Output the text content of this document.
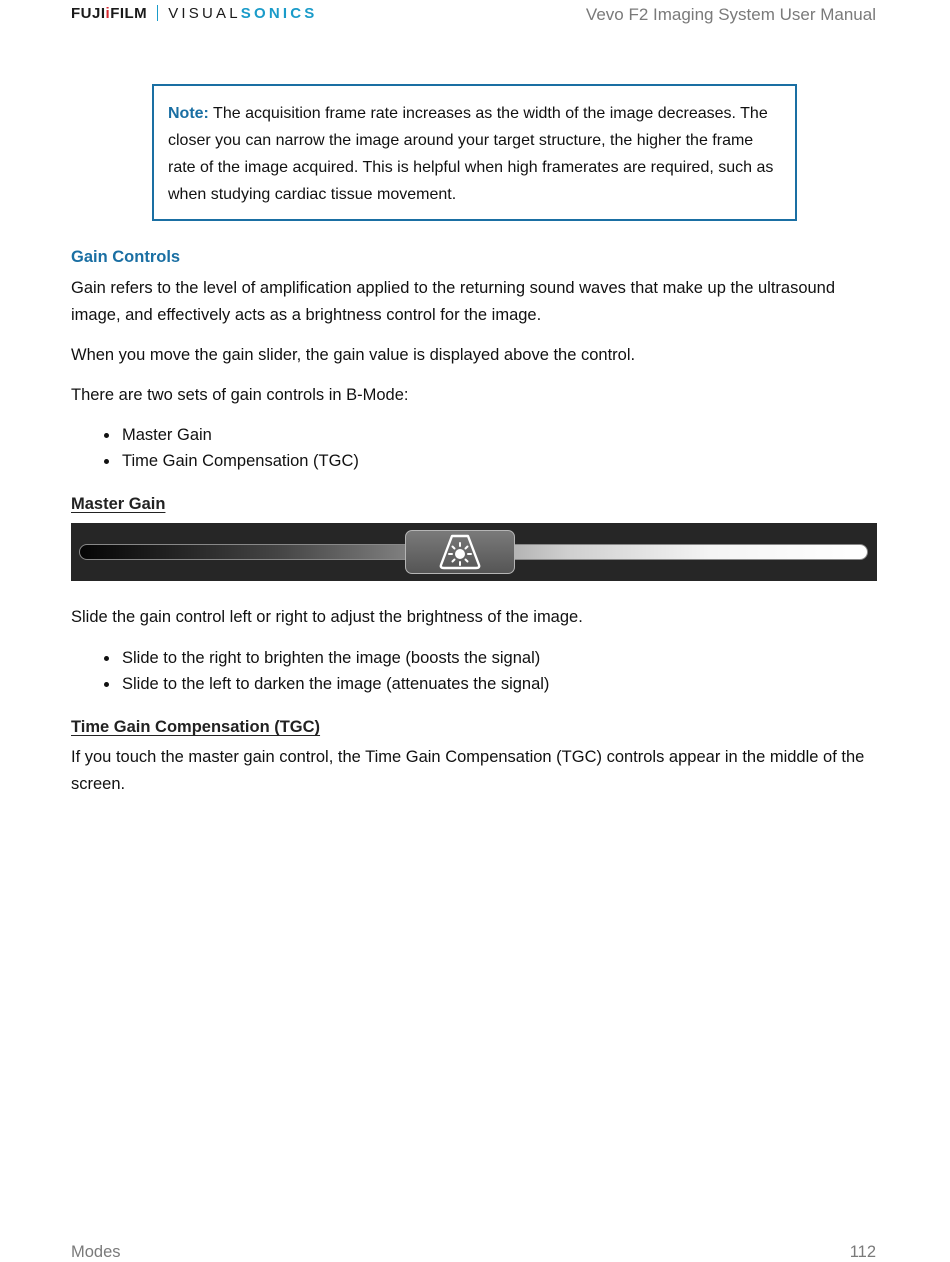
FUJIiFILM VISUALSONICS	Vevo F2 Imaging System User Manual
Note: The acquisition frame rate increases as the width of the image decreases. The closer you can narrow the image around your target structure, the higher the frame rate of the image acquired. This is helpful when high framerates are required, such as when studying cardiac tissue movement.
Gain Controls

Gain refers to the level of amplification applied to the returning sound waves that make up the ultrasound image, and effectively acts as a brightness control for the image.

When you move the gain slider, the gain value is displayed above the control.

There are two sets of gain controls in B-Mode:

Master Gain
Time Gain Compensation (TGC)
Master Gain

Slide the gain control left or right to adjust the brightness of the image.

Slide to the right to brighten the image (boosts the signal)
Slide to the left to darken the image (attenuates the signal)
Time Gain Compensation (TGC)

If you touch the master gain control, the Time Gain Compensation (TGC) controls appear in the middle of the screen.

Modes	112
